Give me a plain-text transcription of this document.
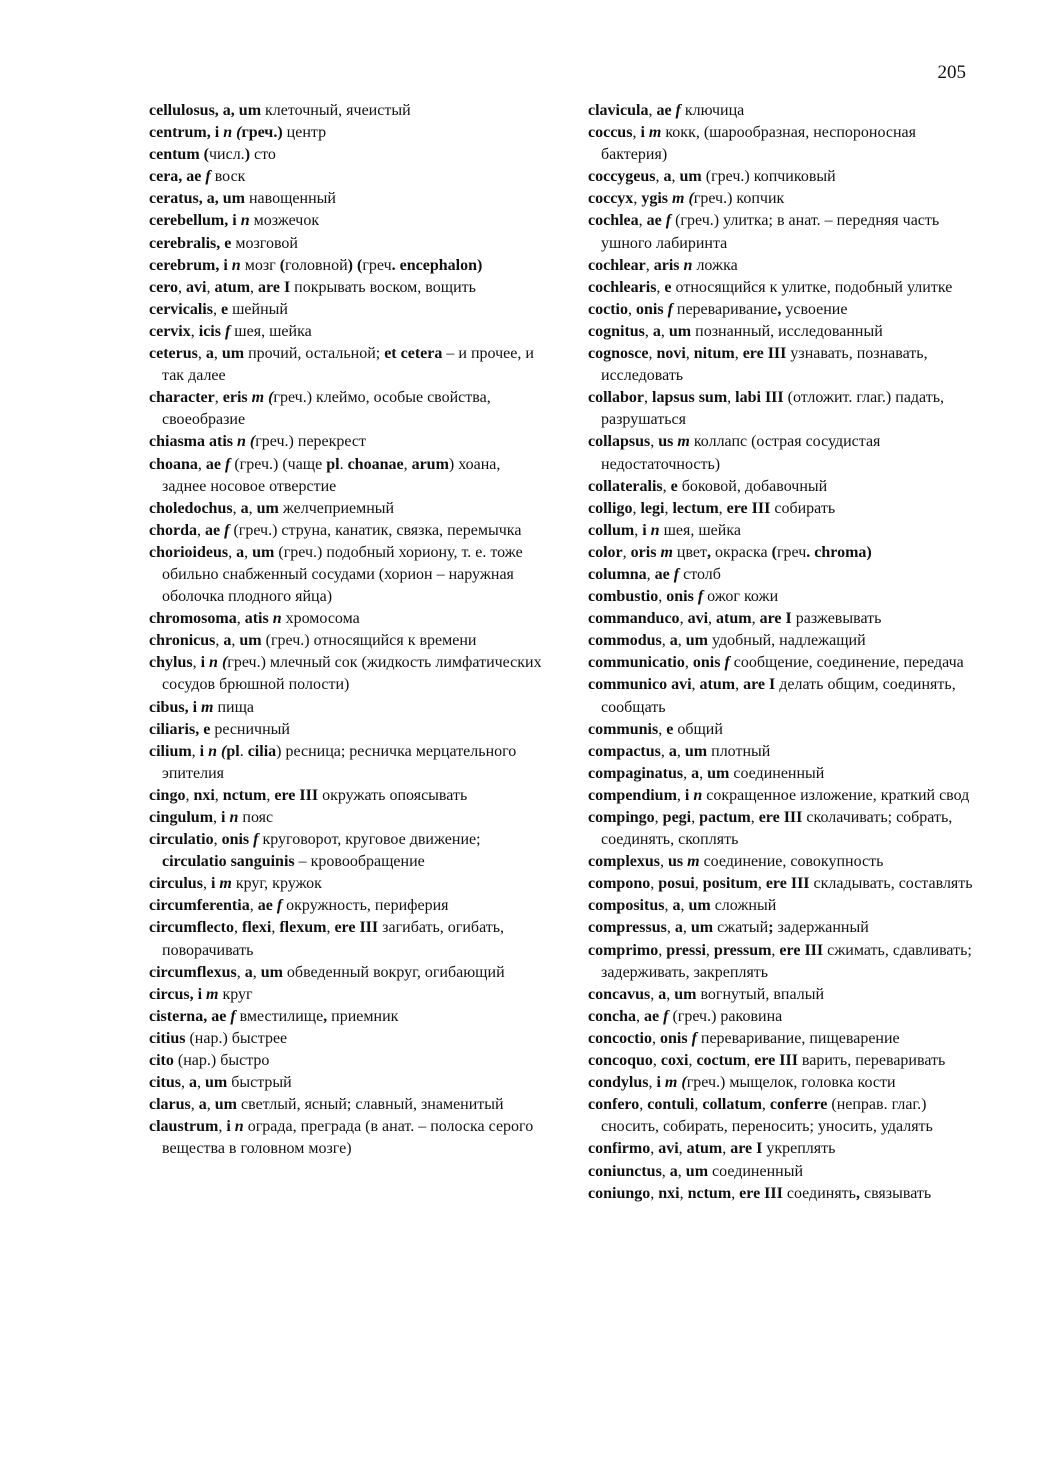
205
cellulosus, a, um клеточный, ячеистый
centrum, i n (греч.) центр
centum (числ.) сто
cera, ae f воск
ceratus, a, um навощенный
cerebellum, i n мозжечок
cerebralis, e мозговой
cerebrum, i n мозг (головной) (греч. encephalon)
cero, avi, atum, are I покрывать воском, вощить
cervicalis, e шейный
cervix, icis f шея, шейка
ceterus, a, um прочий, остальной; et cetera – и прочее, и так далее
character, eris m (греч.) клеймо, особые свойства, своеобразие
chiasma atis n (греч.) перекрест
choana, ae f (греч.) (чаще pl. choanae, arum) хоана, заднее носовое отверстие
choledochus, a, um желчеприемный
chorda, ae f (греч.) струна, канатик, связка, перемычка
chorioideus, a, um (греч.) подобный хориону, т. е. тоже обильно снабженный сосудами (хорион – наружная оболочка плодного яйца)
chromosoma, atis n хромосома
chronicus, a, um (греч.) относящийся к времени
chylus, i n (греч.) млечный сок (жидкость лимфатических сосудов брюшной полости)
cibus, i m пища
ciliaris, e ресничный
cilium, i n (pl. cilia) ресница; ресничка мерцательного эпителия
cingo, nxi, nctum, ere III окружать опоясывать
cingulum, i n пояс
circulatio, onis f круговорот, круговое движение; circulatio sanguinis – кровообращение
circulus, i m круг, кружок
circumferentia, ae f окружность, периферия
circumflecto, flexi, flexum, ere III загибать, огибать, поворачивать
circumflexus, a, um обведенный вокруг, огибающий
circus, i m круг
cisterna, ae f вместилище, приемник
citius (нар.) быстрее
cito (нар.) быстро
citus, a, um быстрый
clarus, a, um светлый, ясный; славный, знаменитый
claustrum, i n ограда, преграда (в анат. – полоска серого вещества в головном мозге)
clavicula, ae f ключица
coccus, i m кокк, (шарообразная, неспороносная бактерия)
coccygeus, a, um (греч.) копчиковый
coccyx, ygis m (греч.) копчик
cochlea, ae f (греч.) улитка; в анат. – передняя часть ушного лабиринта
cochlear, aris n ложка
cochlearis, e относящийся к улитке, подобный улитке
coctio, onis f переваривание, усвоение
cognitus, a, um познанный, исследованный
cognosce, novi, nitum, ere III узнавать, познавать, исследовать
collabor, lapsus sum, labi III (отложит. глаг.) падать, разрушаться
collapsus, us m коллапс (острая сосудистая недостаточность)
collateralis, e боковой, добавочный
colligo, legi, lectum, ere III собирать
collum, i n шея, шейка
color, oris m цвет, окраска (греч. chroma)
columna, ae f столб
combustio, onis f ожог кожи
commanduco, avi, atum, are I разжевывать
commodus, a, um удобный, надлежащий
communicatio, onis f сообщение, соединение, передача
communico avi, atum, are I делать общим, соединять, сообщать
communis, e общий
compactus, a, um плотный
compaginatus, a, um соединенный
compendium, i n сокращенное изложение, краткий свод
compingo, pegi, pactum, ere III сколачивать; собрать, соединять, скоплять
complexus, us m соединение, совокупность
compono, posui, positum, ere III складывать, составлять
compositus, a, um сложный
compressus, a, um сжатый; задержанный
comprimo, pressi, pressum, ere III сжимать, сдавливать; задерживать, закреплять
concavus, a, um вогнутый, впалый
concha, ae f (греч.) раковина
concoctio, onis f переваривание, пищеварение
concoquo, coxi, coctum, ere III варить, переваривать
condylus, i m (греч.) мыщелок, головка кости
confero, contuli, collatum, conferre (неправ. глаг.) сносить, собирать, переносить; уносить, удалять
confirmo, avi, atum, are I укреплять
coniunctus, a, um соединенный
coniungo, nxi, nctum, ere III соединять, связывать
